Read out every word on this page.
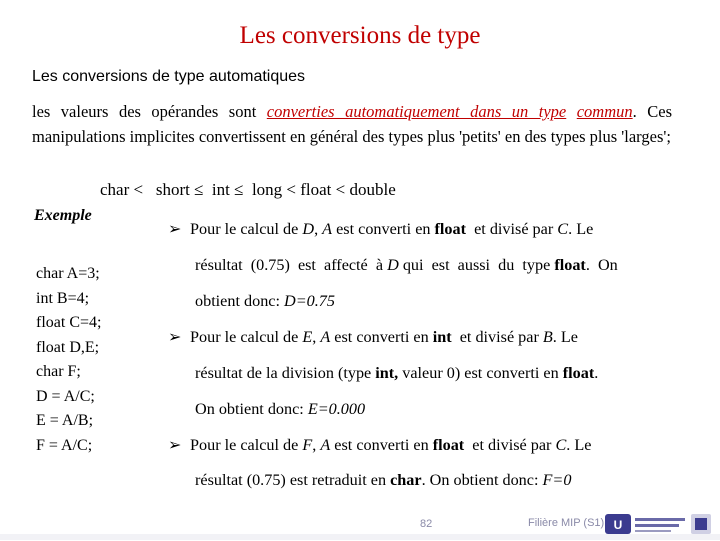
Les conversions de type
Les conversions de type automatiques
les valeurs des opérandes sont converties automatiquement dans un type commun. Ces manipulations implicites convertissent en général des types plus 'petits' en des types plus 'larges';
char <   short ≤  int ≤  long < float < double
Exemple
char A=3;
int B=4;
float C=4;
float D,E;
char F;
D = A/C;
E = A/B;
F = A/C;
➢ Pour le calcul de D, A est converti en float  et divisé par C. Le
résultat  (0.75)  est  affecté  à D qui  est  aussi  du  type float.  On
obtient donc: D=0.75
➢ Pour le calcul de E, A est converti en int  et divisé par B. Le
résultat de la division (type int, valeur 0) est converti en float.
On obtient donc: E=0.000
➢ Pour le calcul de F, A est converti en float  et divisé par C. Le
résultat (0.75) est retraduit en char. On obtient donc: F=0
82	Filière MIP (S1) U
